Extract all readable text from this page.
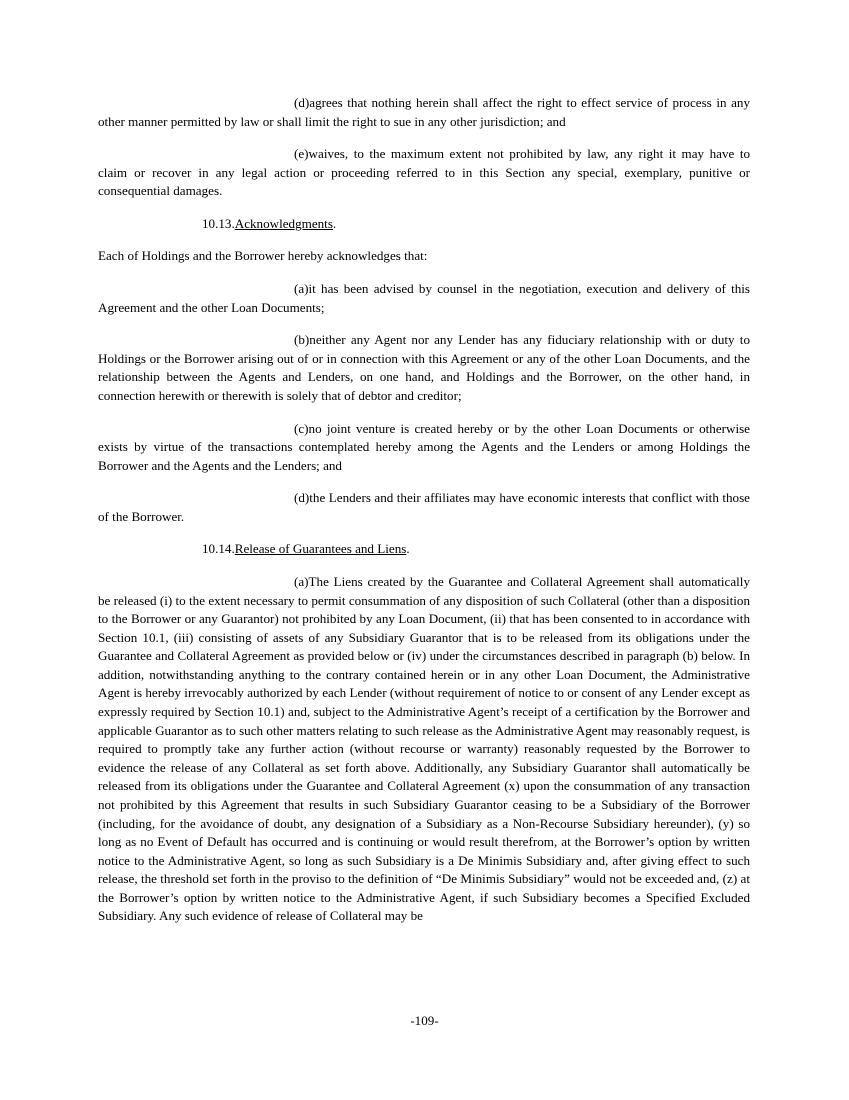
(d)agrees that nothing herein shall affect the right to effect service of process in any other manner permitted by law or shall limit the right to sue in any other jurisdiction; and

(e)waives, to the maximum extent not prohibited by law, any right it may have to claim or recover in any legal action or proceeding referred to in this Section any special, exemplary, punitive or consequential damages.

10.13.Acknowledgments.

Each of Holdings and the Borrower hereby acknowledges that:

(a)it has been advised by counsel in the negotiation, execution and delivery of this Agreement and the other Loan Documents;

(b)neither any Agent nor any Lender has any fiduciary relationship with or duty to Holdings or the Borrower arising out of or in connection with this Agreement or any of the other Loan Documents, and the relationship between the Agents and Lenders, on one hand, and Holdings and the Borrower, on the other hand, in connection herewith or therewith is solely that of debtor and creditor;

(c)no joint venture is created hereby or by the other Loan Documents or otherwise exists by virtue of the transactions contemplated hereby among the Agents and the Lenders or among Holdings the Borrower and the Agents and the Lenders; and

(d)the Lenders and their affiliates may have economic interests that conflict with those of the Borrower.

10.14.Release of Guarantees and Liens.

(a)The Liens created by the Guarantee and Collateral Agreement shall automatically be released (i) to the extent necessary to permit consummation of any disposition of such Collateral (other than a disposition to the Borrower or any Guarantor) not prohibited by any Loan Document, (ii) that has been consented to in accordance with Section 10.1, (iii) consisting of assets of any Subsidiary Guarantor that is to be released from its obligations under the Guarantee and Collateral Agreement as provided below or (iv) under the circumstances described in paragraph (b) below. In addition, notwithstanding anything to the contrary contained herein or in any other Loan Document, the Administrative Agent is hereby irrevocably authorized by each Lender (without requirement of notice to or consent of any Lender except as expressly required by Section 10.1) and, subject to the Administrative Agent’s receipt of a certification by the Borrower and applicable Guarantor as to such other matters relating to such release as the Administrative Agent may reasonably request, is required to promptly take any further action (without recourse or warranty) reasonably requested by the Borrower to evidence the release of any Collateral as set forth above. Additionally, any Subsidiary Guarantor shall automatically be released from its obligations under the Guarantee and Collateral Agreement (x) upon the consummation of any transaction not prohibited by this Agreement that results in such Subsidiary Guarantor ceasing to be a Subsidiary of the Borrower (including, for the avoidance of doubt, any designation of a Subsidiary as a Non-Recourse Subsidiary hereunder), (y) so long as no Event of Default has occurred and is continuing or would result therefrom, at the Borrower’s option by written notice to the Administrative Agent, so long as such Subsidiary is a De Minimis Subsidiary and, after giving effect to such release, the threshold set forth in the proviso to the definition of “De Minimis Subsidiary” would not be exceeded and, (z) at the Borrower’s option by written notice to the Administrative Agent, if such Subsidiary becomes a Specified Excluded Subsidiary. Any such evidence of release of Collateral may be

-109-
